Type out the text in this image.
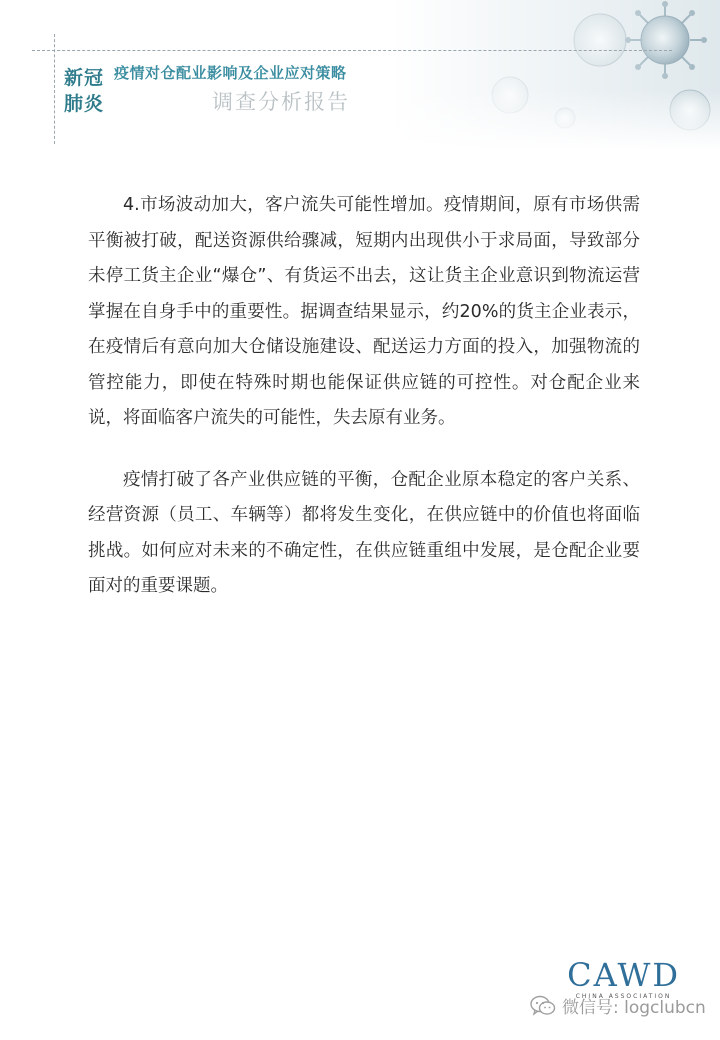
新冠
肺炎
疫情对仓配业影响及企业应对策略
调查分析报告

4.市场波动加大，客户流失可能性增加。疫情期间，原有市场供需平衡被打破，配送资源供给骤减，短期内出现供小于求局面，导致部分未停工货主企业“爆仓”、有货运不出去，这让货主企业意识到物流运营掌握在自身手中的重要性。据调查结果显示，约20%的货主企业表示，在疫情后有意向加大仓储设施建设、配送运力方面的投入，加强物流的管控能力，即使在特殊时期也能保证供应链的可控性。对仓配企业来说，将面临客户流失的可能性，失去原有业务。

疫情打破了各产业供应链的平衡，仓配企业原本稳定的客户关系、经营资源（员工、车辆等）都将发生变化，在供应链中的价值也将面临挑战。如何应对未来的不确定性，在供应链重组中发展，是仓配企业要面对的重要课题。

CAWD
CHINA ASSOCIATION
微信号: logclubcn
